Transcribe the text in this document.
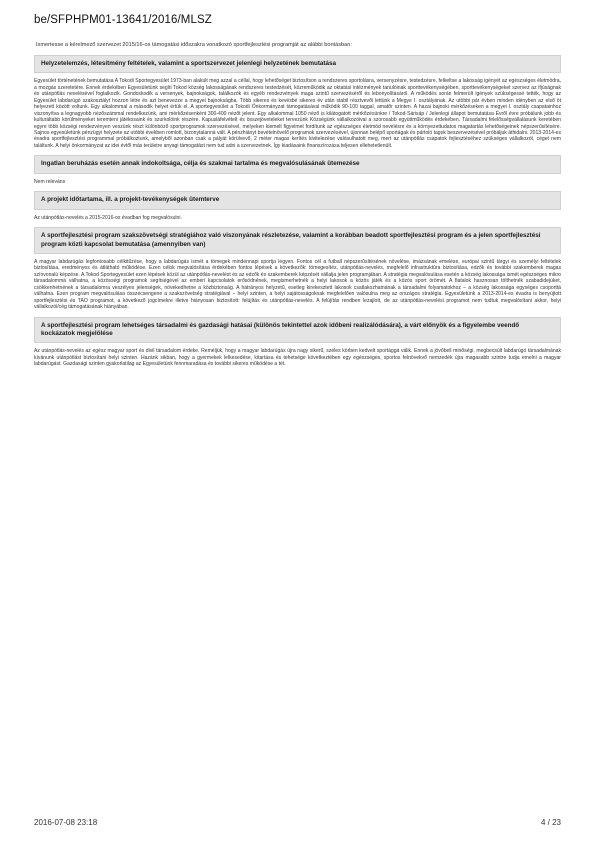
be/SFPHPM01-13641/2016/MLSZ

Ismertesse a kérelmező szervezet 2015/16-os támogatási időszakra vonatkozó sportfejlesztési programját az alábbi bontásban:

Helyzetelemzés, létesítmény feltételek, valamint a sportszervezet jelenlegi helyzetének bemutatása

Egyesület történetének bemutatása A Tokodi Sportegyesület 1973-ban alakult meg azzal a céllal, hogy lehetőséget biztosítson a rendszeres sportolásra, versenyzésre, testedzésre, felkeltse a lakosság igényét az egészséges életmódra, a mozgás szeretetére. Ennek érdekében Egyesületünk segíti Tokod község lakosságának rendszeres testedzését, közreműködik az oktatási intézmények tanulóinak sporttevékenységében, sporttevékenységeket szervez az ifjúságnak és utánpótlás nevelésével foglalkozik. Gondoskodik a versenyek, bajnokságok, találkozók és egyéb rendezvények maga szintű szervezéséről és lebonyolításáról. A működés során felmerült igények szükségessé tették, hogy az Egyesület labdarúgó szakosztályt hozzon létre és azt benevezze a megyei bajnokságba. Több sikeres és kevésbé sikeres év után stabil résztvevői lettünk a Megye I. osztályának. Az utóbbi pár évben minden idényben az első öt helyezett között voltunk. Egy alkalommal a második helyet értük el. A sportegyesület a Tokodi Önkormányzat támogatásával működik 90-100 taggal, amatőr szinten. A hazai bajnoki mérkőzéseken a megyei I. osztály csapatainhoz viszonyítva a legnagyobb nézőszámmal rendelkezünk, ami mérkőzésenként 300-400 nézőt jelent. Egy alkalommal 1050 néző is kilátogatott mérkőzésünkre / Tokod-Sárisáp / Jelenlegi állapot bemutatása Évről évre próbálunk jobb és kulturáltabb körülményeket teremteni játékosaink és szurkolóink részére. Kapusláfelvételt és összejöveteleket tervezünk Községünk vállalkozóival a szorosabb együttműködés érdekében. Társadalmi felelősségvállalásunk keretében egyre több községi rendezvényen veszünk részt különböző sportprogramok szervezésével, melyeken kiemelt figyelmet fordítunk az egészséges életmód nevelésre és a környezettudatos magatartás lehetőségeinek népszerűsítésére. Sajnos egyesületünk pénzügyi helyzete az utóbbi években romlott, bizonytalanná vált. A pénzhiányt bevételnövelő programok szervezésével, újonnan belépő sportágak és pártoló tagok beszervezésével próbáljuk áthidalni. 2013-2014-es évadra sportfejlesztési programmal próbálkoztunk, amelyből azonban csak a pályát körülvevő, 2 méter magas kerítés kivitelezése valósulhatott meg, mert az utánpótlás csapatok fejlesztéséhez szükséges vállalkozót, céget nem találtunk. A helyi önkormányzat az idei évtől más területre anyagi támogatást nem tud adni a szervezetnek. Így kiadásaink finanszírozása teljesen ellehetetlenült.

Ingatlan beruházás esetén annak indokoltsága, célja és szakmai tartalma és megvalósulásának ütemezése

Nem releváns

A projekt időtartama, ill. a projekt-tevékenységek ütemterve

Az utánpótlás-nevelés a 2015-2016-os évadban fog megvalósulni.

A sportfejlesztési program szakszövetségi stratégiához való viszonyának részletezése, valamint a korábban beadott sportfejlesztési program és a jelen sportfejlesztési program közti kapcsolat bemutatása (amennyiben van)

A magyar labdarúgás legfontosabb célkitűzése, hogy a labdarúgás ismét a tömegek mindennapi sportja legyen. Fontos cél a futball népszerűsítésének növelése, imázsának emelése, európai szintű tárgyi és személyi feltételek biztosítása, eredményes és átlátható működése. Ezen célok megvalósítása érdekében fontos lépések a következők: tömegesítés, utánpótlás-nevelés, megfelelő infrastruktúra biztosítása, edzők és további szakemberek magas színvonalú képzése. A Tokod Sportegyesület ezen lépések közül az utánpótlás-nevelést és az edzők és szakemberek képzését vállalja jelen programjában. A stratégia megvalósulása esetén a község lakossága ismét egészséges mikro társadalommá válhatna, a közösségi programok segítségével az emberi kapcsolatok erősödnének, megismerhetnék a helyi lakosok a közös játék és a közös sport örömét. A fiatalok hasznosan tölthetnék szabadidejüket, csökkenhetnének a társadalomra veszélyes jelenségek, növekedhetne a közbiztonság. A hátrányos helyzetű, esetleg kirekesztett lakosok csatlakozhatnának a társadalmi folyamatokhoz – a község lakossága egységes csoporttá válhatna. Ezen program megvalósulása összecsengene a szakszövetség stratégiával – helyi szinten, a helyi sajátosságoknak megfelelően valósulna meg az országos stratégia. Egyesületünk a 2013-2014-es évadra is benyújtott sportfejlesztési és TAO programot, a következő jogcímekre illetve hiányosan biztosított: felújítás és utánpótlás-nevelés. A felújítás rendben lezajlott, de az utánpótlás-nevelési programot nem tudtuk megvalósítani akkor, helyi vállalkozói/cég támogatásának hiányában.

A sportfejlesztési program lehetséges társadalmi és gazdasági hatásai (különös tekintettel azok időbeni realizálódására), a várt előnyök és a figyelembe veendő kockázatok megjelölése

Az utánpótlás-nevelés az egész magyar sport és divil társadalom érdeke. Reméljük, hogy a magyar labdarúgás újra nagy sikerű, széles körben kedvelt sportággá válik. Ennek a jövőbeli minőségi, megbecsült labdarúgó társadalmának kívánunk utánpótlást biztosítani helyi szinten. Hazánk sikban, hogy a gyermekek lelkesedése, kitartása és tehetsége következtében egy egészséges, sportos felnövekvő nemzedék újra magasabb szintre tudja emelni a magyar labdarúgást. Gazdasági szinten gyakorlatilag az Egyesületünk fennmaradása és további sikeres működése a tét.

2016-07-08 23:18	4 / 23
